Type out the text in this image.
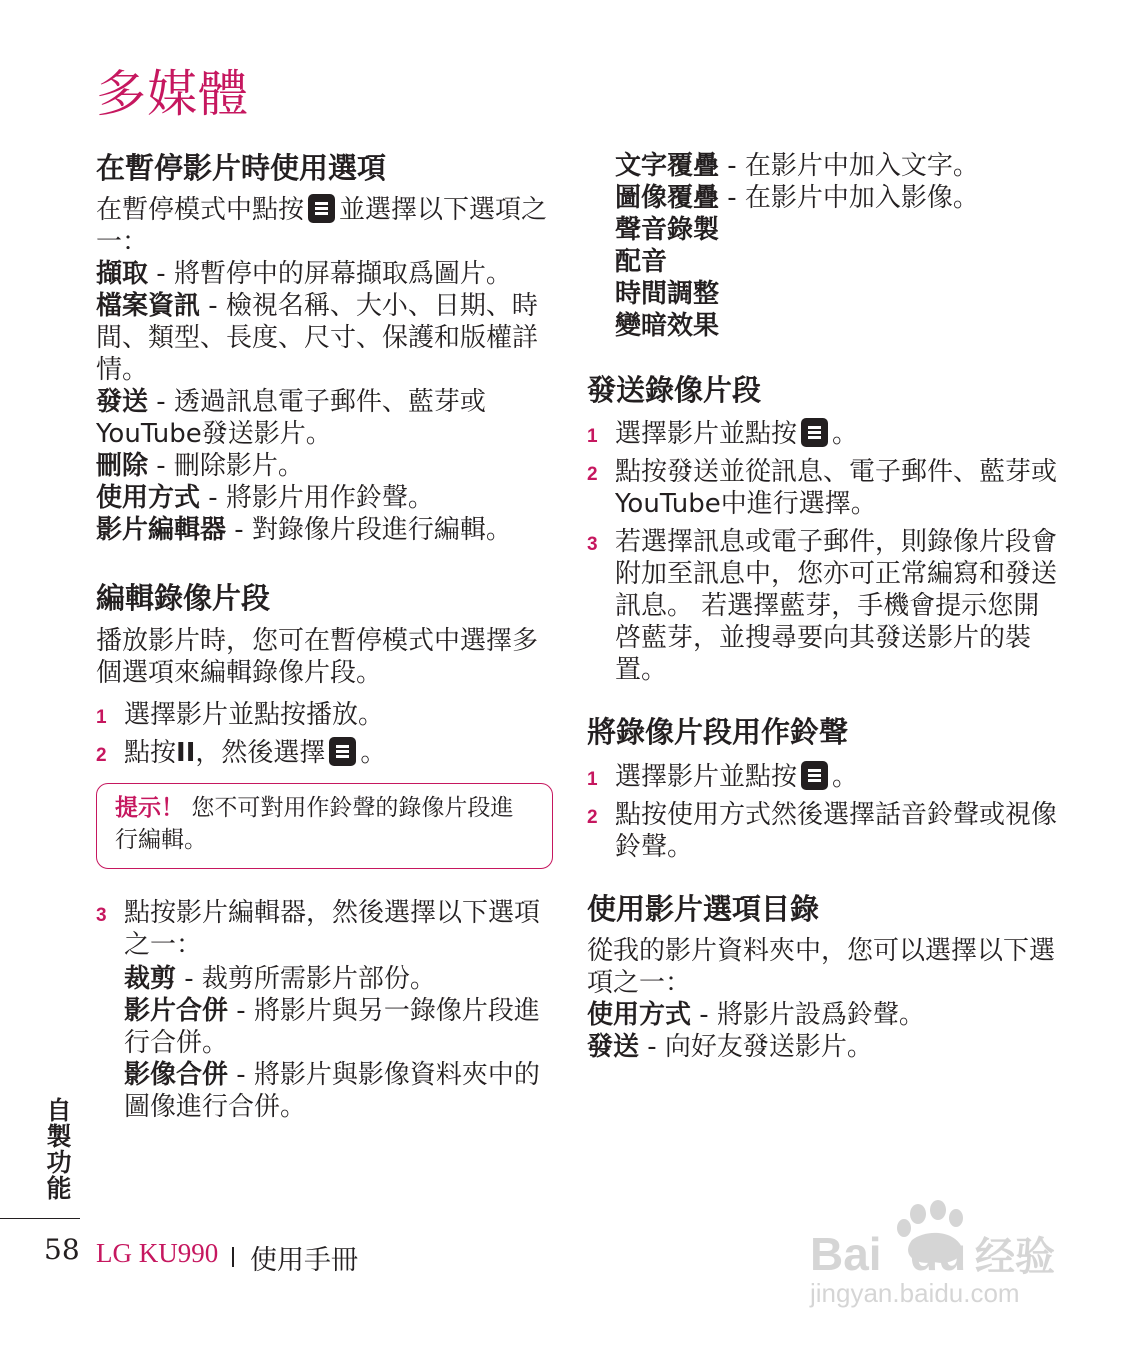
多媒體
在暫停影片時使用選項

在暫停模式中點按 並選擇以下選項之一：

擷取 - 將暫停中的屏幕擷取爲圖片。
檔案資訊 - 檢視名稱、大小、日期、時間、類型、長度、尺寸、保護和版權詳情。
發送 - 透過訊息電子郵件、藍芽或YouTube發送影片。
刪除 - 刪除影片。
使用方式 - 將影片用作鈴聲。
影片編輯器 - 對錄像片段進行編輯。
編輯錄像片段

播放影片時，您可在暫停模式中選擇多個選項來編輯錄像片段。

1 選擇影片並點按播放。
2 點按II，然後選擇 。
提示！ 您不可對用作鈴聲的錄像片段進行編輯。
3 點按影片編輯器，然後選擇以下選項之一：
裁剪 - 裁剪所需影片部份。
影片合併 - 將影片與另一錄像片段進行合併。
影像合併 - 將影片與影像資料夾中的圖像進行合併。
文字覆疊 - 在影片中加入文字。
圖像覆疊 - 在影片中加入影像。
聲音錄製
配音
時間調整
變暗效果
發送錄像片段
1 選擇影片並點按 。
2 點按發送並從訊息、電子郵件、藍芽或YouTube中進行選擇。
3 若選擇訊息或電子郵件，則錄像片段會附加至訊息中，您亦可正常編寫和發送訊息。 若選擇藍芽，手機會提示您開啓藍芽，並搜尋要向其發送影片的裝置。
將錄像片段用作鈴聲
1 選擇影片並點按 。
2 點按使用方式然後選擇話音鈴聲或視像鈴聲。
使用影片選項目錄

從我的影片資料夾中，您可以選擇以下選項之一：

使用方式 - 將影片設爲鈴聲。
發送 - 向好友發送影片。
自製功能
58 LG KU990 使用手冊	Bai du 经验
jingyan.baidu.com
